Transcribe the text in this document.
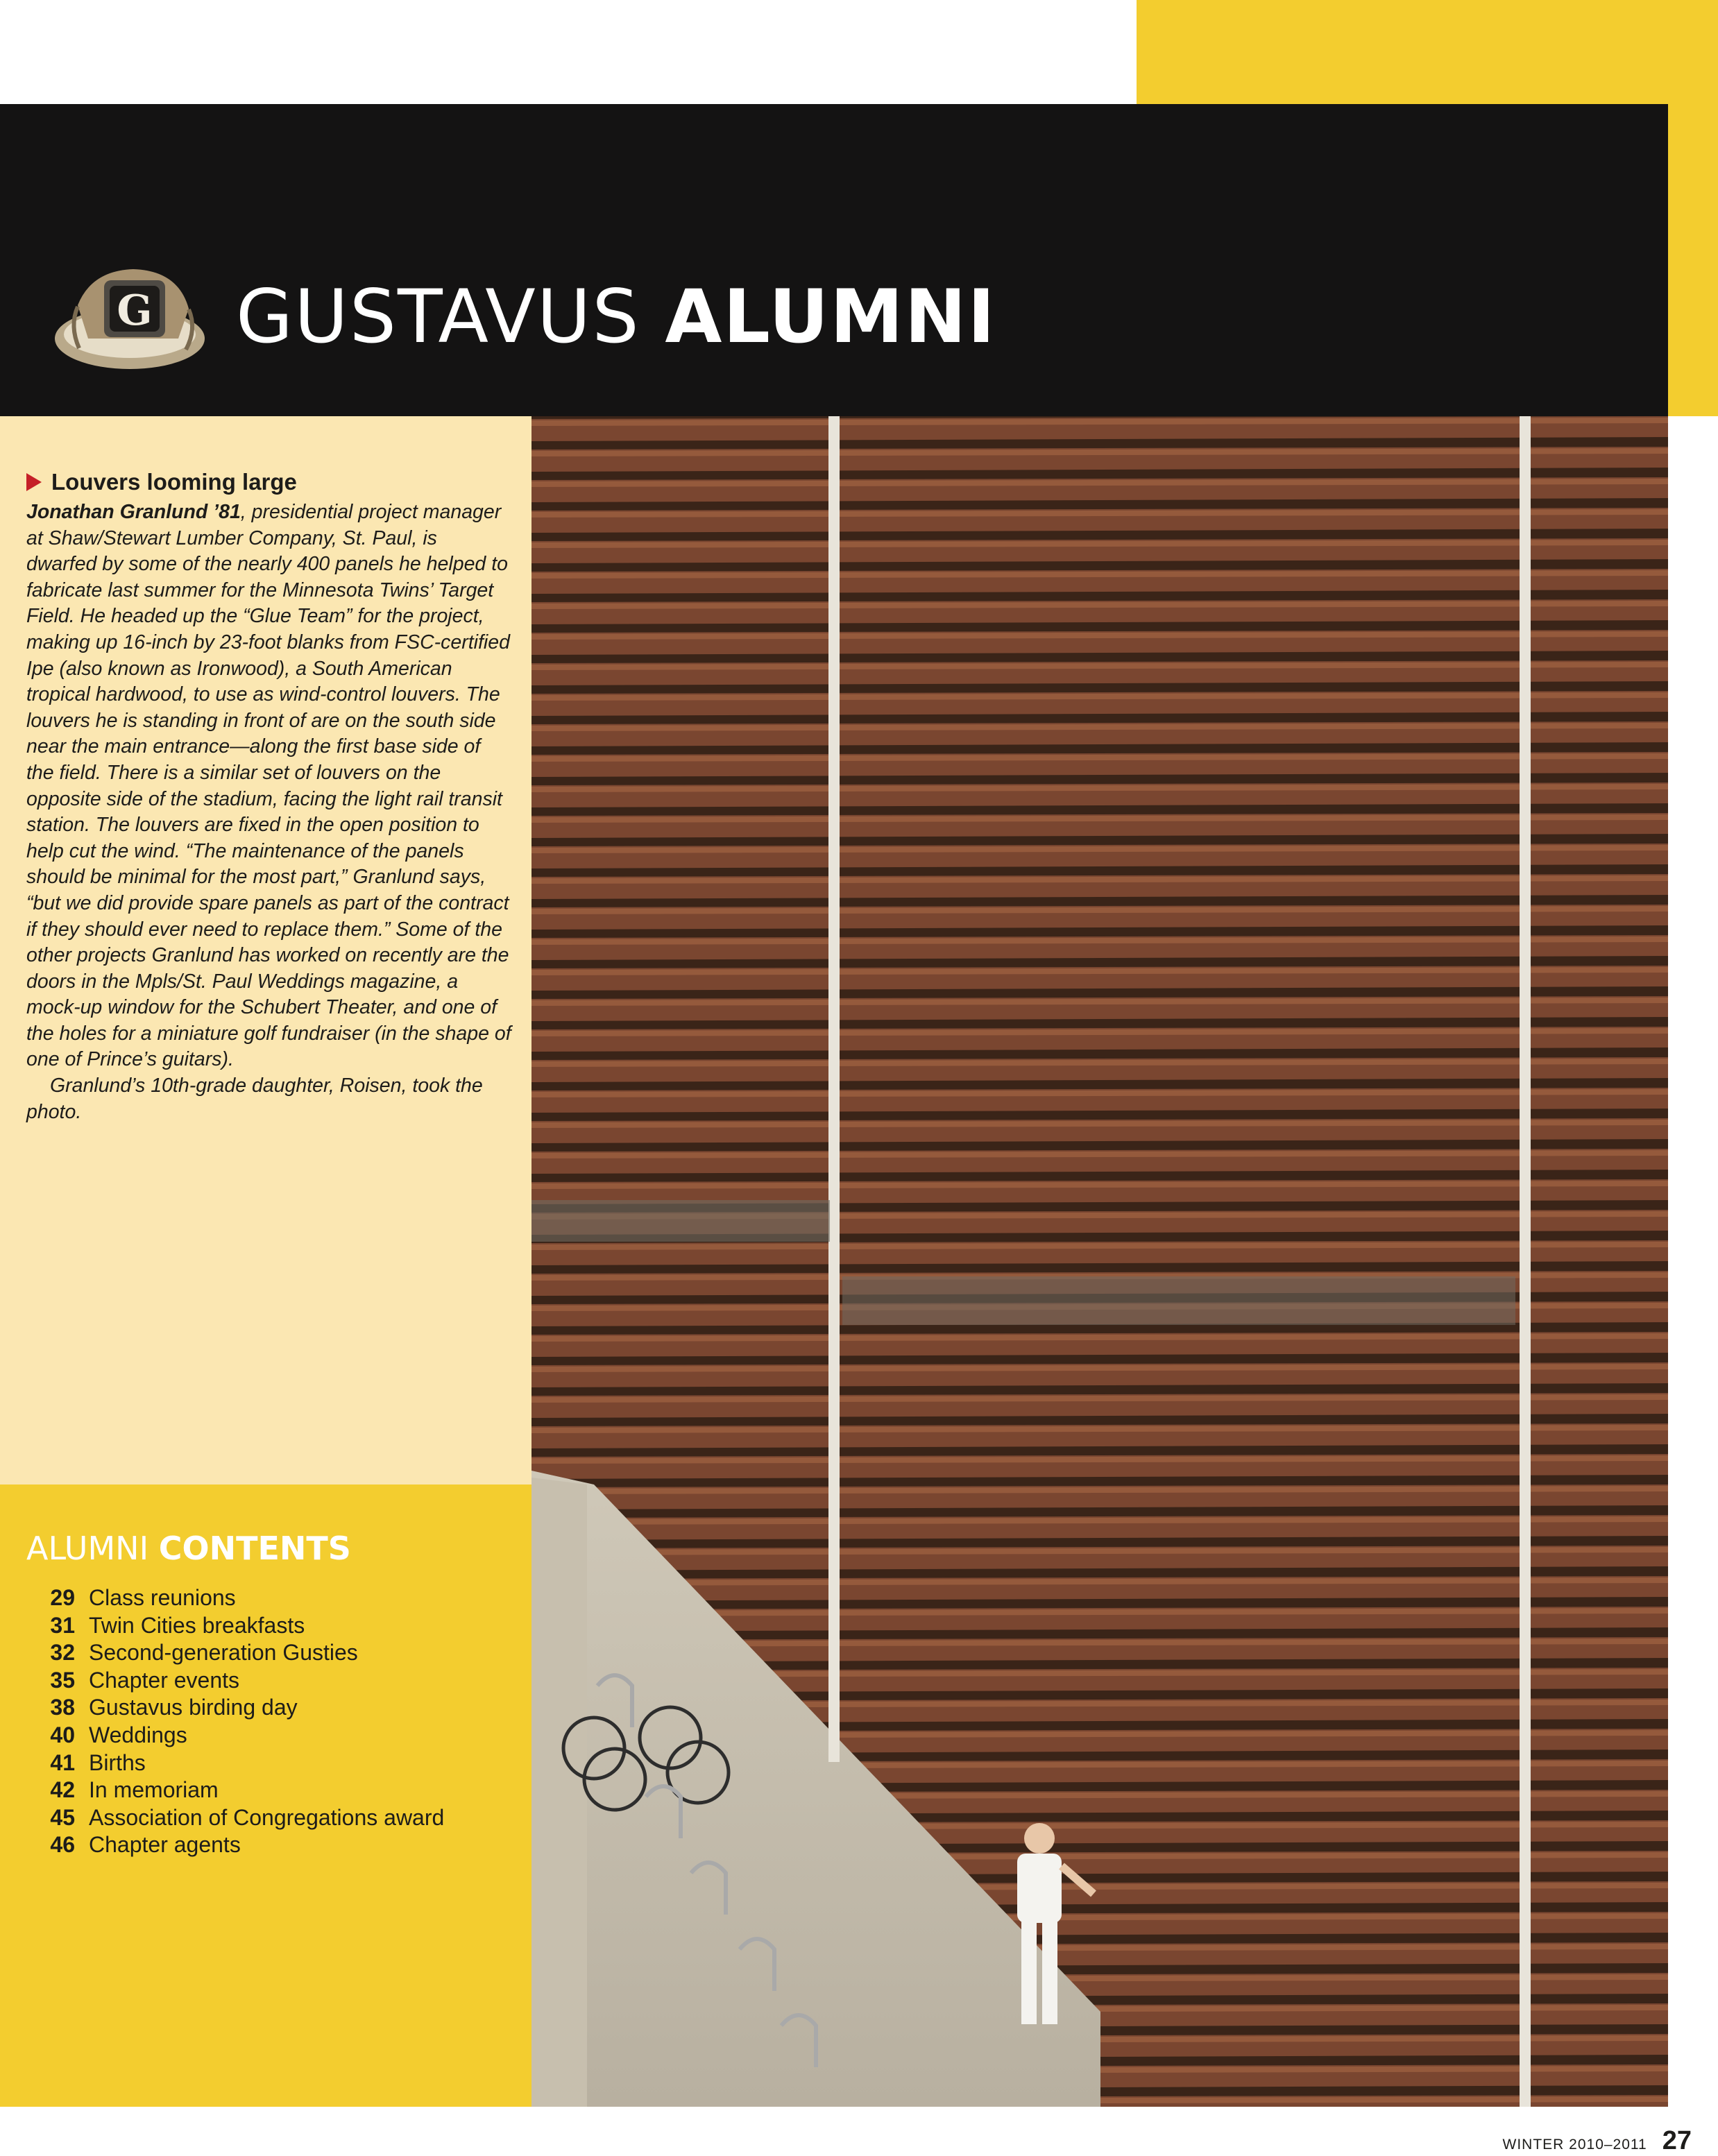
G GUSTAVUS ALUMNI
Louvers looming large

Jonathan Granlund ’81, presidential project manager at Shaw/Stewart Lumber Company, St. Paul, is dwarfed by some of the nearly 400 panels he helped to fabricate last summer for the Minnesota Twins’ Target Field. He headed up the “Glue Team” for the project, making up 16-inch by 23-foot blanks from FSC-certified Ipe (also known as Ironwood), a South American tropical hardwood, to use as wind-control louvers. The louvers he is standing in front of are on the south side near the main entrance—along the first base side of the field. There is a similar set of louvers on the opposite side of the stadium, facing the light rail transit station. The louvers are fixed in the open position to help cut the wind. “The maintenance of the panels should be minimal for the most part,” Granlund says, “but we did provide spare panels as part of the contract if they should ever need to replace them.” Some of the other projects Granlund has worked on recently are the doors in the Mpls/St. Paul Weddings magazine, a mock-up window for the Schubert Theater, and one of the holes for a miniature golf fundraiser (in the shape of one of Prince’s guitars).

Granlund’s 10th-grade daughter, Roisen, took the photo.

ALUMNI CONTENTS
29 Class reunions
31 Twin Cities breakfasts
32 Second-generation Gusties
35 Chapter events
38 Gustavus birding day
40 Weddings
41 Births
42 In memoriam
45 Association of Congregations award
46 Chapter agents
WINTER 2010–2011 27
